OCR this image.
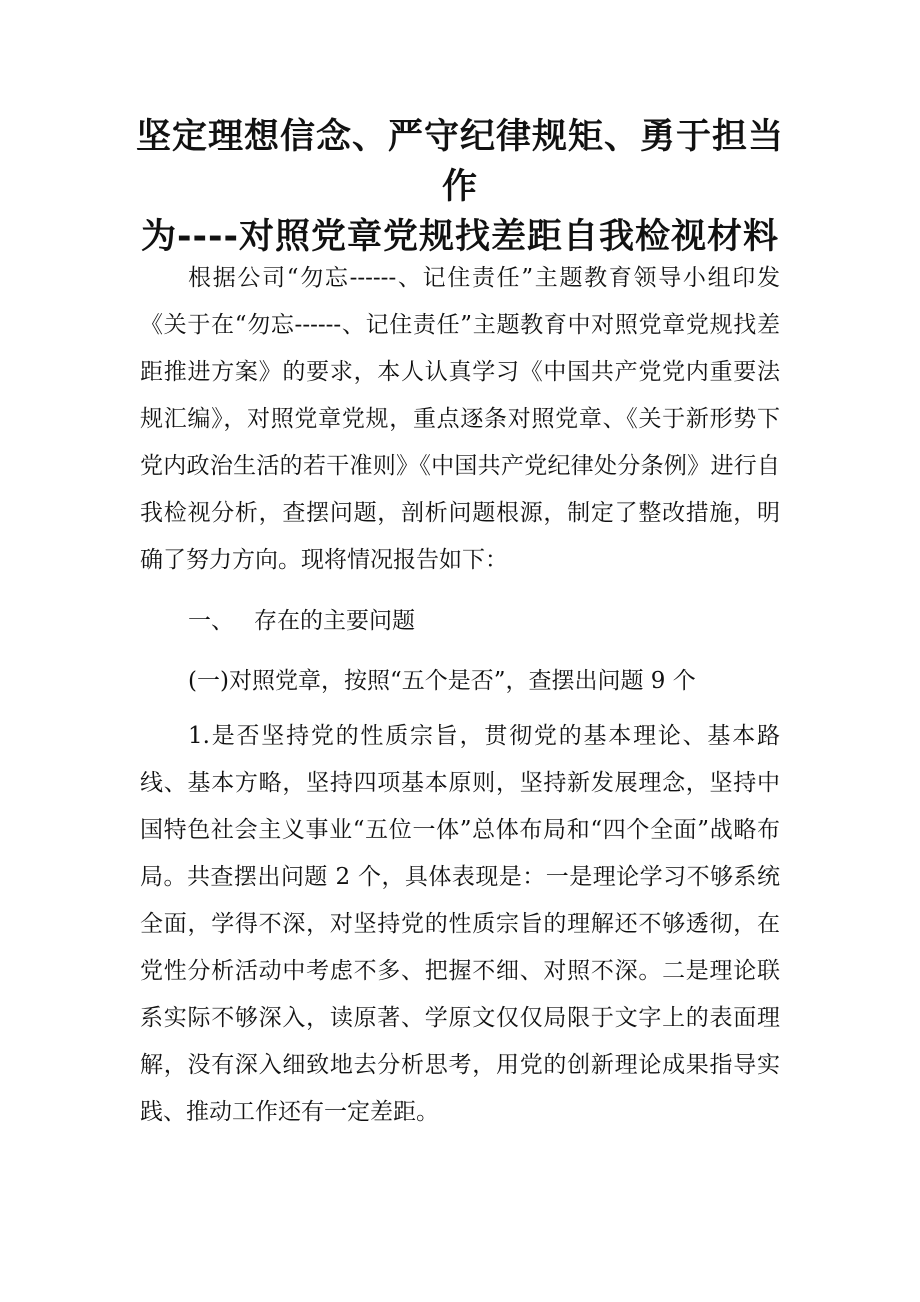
坚定理想信念、严守纪律规矩、勇于担当作
为----对照党章党规找差距自我检视材料

根据公司“勿忘------、记住责任”主题教育领导小组印发《关于在“勿忘------、记住责任”主题教育中对照党章党规找差距推进方案》的要求，本人认真学习《中国共产党党内重要法规汇编》，对照党章党规，重点逐条对照党章、《关于新形势下党内政治生活的若干准则》《中国共产党纪律处分条例》进行自我检视分析，查摆问题，剖析问题根源，制定了整改措施，明确了努力方向。现将情况报告如下：

一、 存在的主要问题

(一)对照党章，按照“五个是否”，查摆出问题 9 个

1.是否坚持党的性质宗旨，贯彻党的基本理论、基本路线、基本方略，坚持四项基本原则，坚持新发展理念，坚持中国特色社会主义事业“五位一体”总体布局和“四个全面”战略布局。共查摆出问题 2 个，具体表现是：一是理论学习不够系统全面，学得不深，对坚持党的性质宗旨的理解还不够透彻，在党性分析活动中考虑不多、把握不细、对照不深。二是理论联系实际不够深入，读原著、学原文仅仅局限于文字上的表面理解，没有深入细致地去分析思考，用党的创新理论成果指导实践、推动工作还有一定差距。
